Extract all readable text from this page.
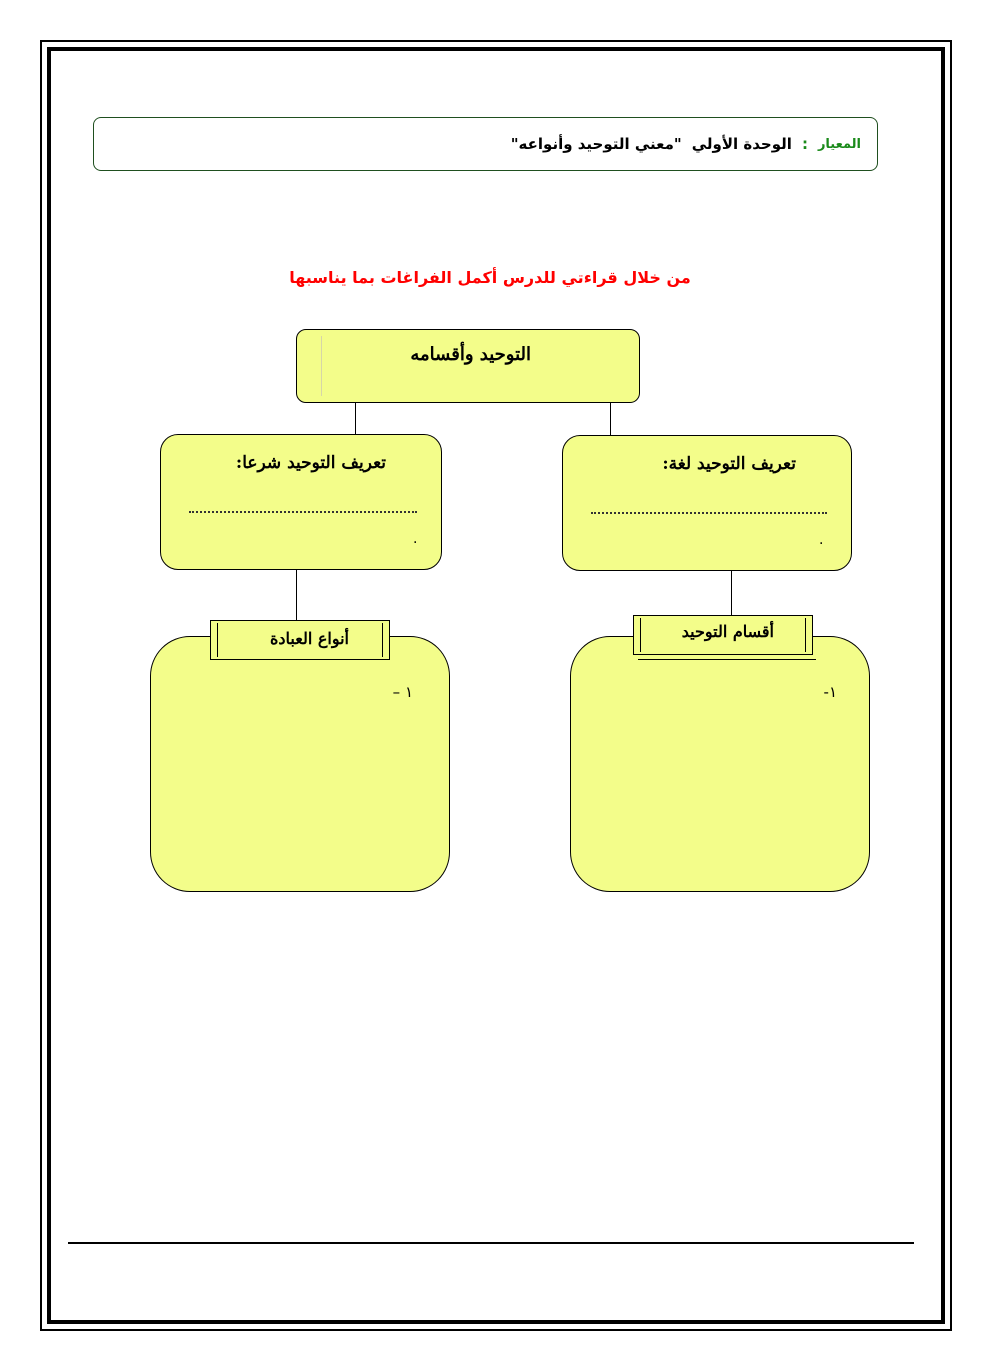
المعيار
:
الوحدة الأولي
"معني التوحيد وأنواعه"
من خلال قراءتي للدرس أكمل الفراغات بما يناسبها
التوحيد وأقسامه
تعريف التوحيد شرعا:
.
تعريف التوحيد لغة:
.
١ –	١-
أنواع العبادة	أقسام التوحيد
